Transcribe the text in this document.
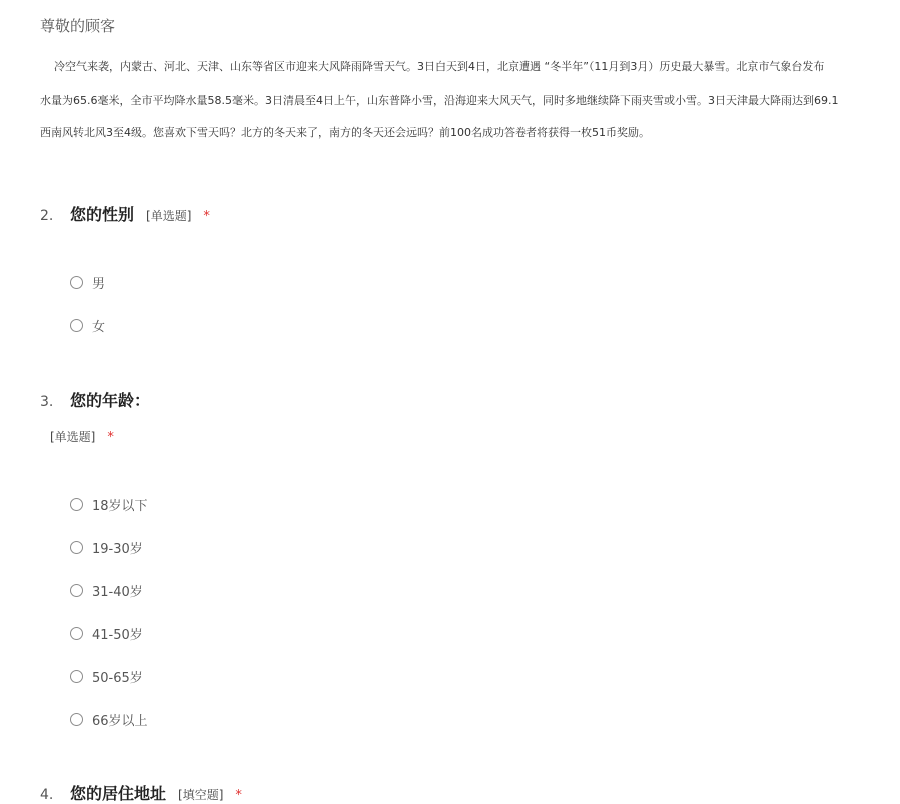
尊敬的顾客
冷空气来袭，内蒙古、河北、天津、山东等省区市迎来大风降雨降雪天气。3日白天到4日，北京遭遇 “冬半年”（11月到3月）历史最大暴雪。北京市气象台发布
水量为65.6毫米，全市平均降水量58.5毫米。3日清晨至4日上午，山东普降小雪，沿海迎来大风天气，同时多地继续降下雨夹雪或小雪。3日天津最大降雨达到69.1
西南风转北风3至4级。您喜欢下雪天吗？北方的冬天来了，南方的冬天还会远吗？前100名成功答卷者将获得一枚51币奖励。
2. 您的性别 [单选题] *
男
女
3. 您的年龄：
[单选题] *
18岁以下
19-30岁
31-40岁
41-50岁
50-65岁
66岁以上
4. 您的居住地址 [填空题] *
